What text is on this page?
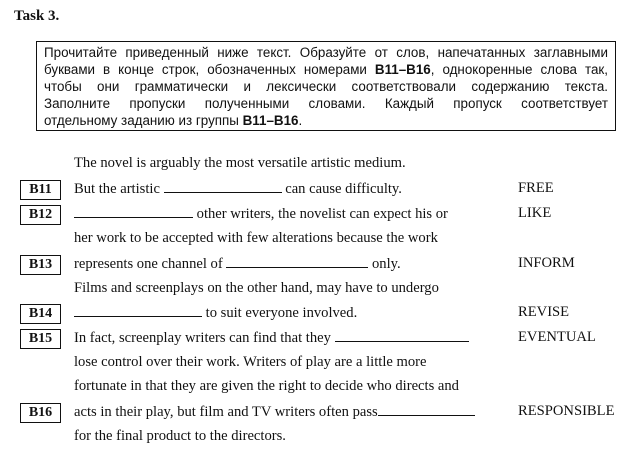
Task 3.
Прочитайте приведенный ниже текст. Образуйте от слов, напечатанных заглавными
буквами в конце строк, обозначенных номерами B11–B16, однокоренные слова так,
чтобы они грамматически и лексически соответствовали содержанию текста.
Заполните пропуски полученными словами. Каждый пропуск соответствует
отдельному заданию из группы B11–B16.
The novel is arguably the most versatile artistic medium.
B11	But the artistic	can cause difficulty.	FREE
B12	other writers, the novelist can expect his or	LIKE
her work to be accepted with few alterations because the work
B13	represents one channel of	only.	INFORM
Films and screenplays on the other hand, may have to undergo
B14	to suit everyone involved.	REVISE
B15	In fact, screenplay writers can find that they	EVENTUAL
lose control over their work. Writers of play are a little more
fortunate in that they are given the right to decide who directs and
B16	acts in their play, but film and TV writers often pass	RESPONSIBLE
for the final product to the directors.
